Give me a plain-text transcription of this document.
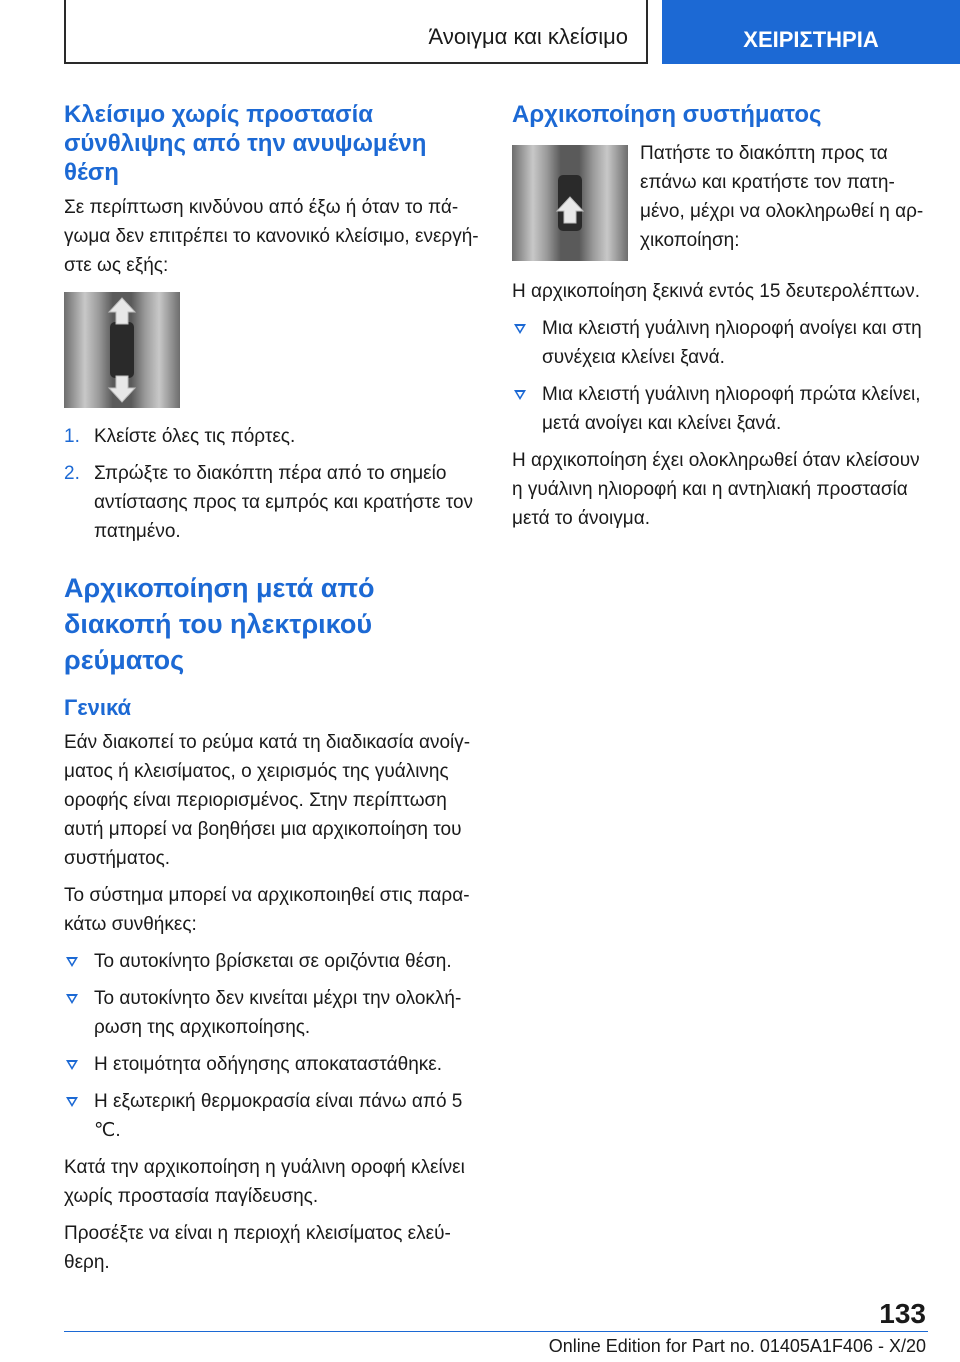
Άνοιγμα και κλείσιμο	ΧΕΙΡΙΣΤΗΡΙΑ
Κλείσιμο χωρίς προστασία σύνθλιψης από την ανυψωμένη θέση

Σε περίπτωση κινδύνου από έξω ή όταν το πάγωμα δεν επιτρέπει το κανονικό κλείσιμο, ενεργήστε ως εξής:

1. Κλείστε όλες τις πόρτες.
2. Σπρώξτε το διακόπτη πέρα από το σημείο αντίστασης προς τα εμπρός και κρατήστε τον πατημένο.
Αρχικοποίηση μετά από διακοπή του ηλεκτρικού ρεύματος
Γενικά

Εάν διακοπεί το ρεύμα κατά τη διαδικασία ανοίγματος ή κλεισίματος, ο χειρισμός της γυάλινης οροφής είναι περιορισμένος. Στην περίπτωση αυτή μπορεί να βοηθήσει μια αρχικοποίηση του συστήματος.

Το σύστημα μπορεί να αρχικοποιηθεί στις παρακάτω συνθήκες:

Το αυτοκίνητο βρίσκεται σε οριζόντια θέση.
Το αυτοκίνητο δεν κινείται μέχρι την ολοκλήρωση της αρχικοποίησης.
Η ετοιμότητα οδήγησης αποκαταστάθηκε.
Η εξωτερική θερμοκρασία είναι πάνω από 5 ℃.

Κατά την αρχικοποίηση η γυάλινη οροφή κλείνει χωρίς προστασία παγίδευσης.

Προσέξτε να είναι η περιοχή κλεισίματος ελεύθερη.

Αρχικοποίηση συστήματος

Πατήστε το διακόπτη προς τα επάνω και κρατήστε τον πατημένο, μέχρι να ολοκληρωθεί η αρχικοποίηση:

Η αρχικοποίηση ξεκινά εντός 15 δευτερολέπτων.

Μια κλειστή γυάλινη ηλιοροφή ανοίγει και στη συνέχεια κλείνει ξανά.
Μια κλειστή γυάλινη ηλιοροφή πρώτα κλείνει, μετά ανοίγει και κλείνει ξανά.

Η αρχικοποίηση έχει ολοκληρωθεί όταν κλείσουν η γυάλινη ηλιοροφή και η αντηλιακή προστασία μετά το άνοιγμα.

133
Online Edition for Part no. 01405A1F406 - X/20
